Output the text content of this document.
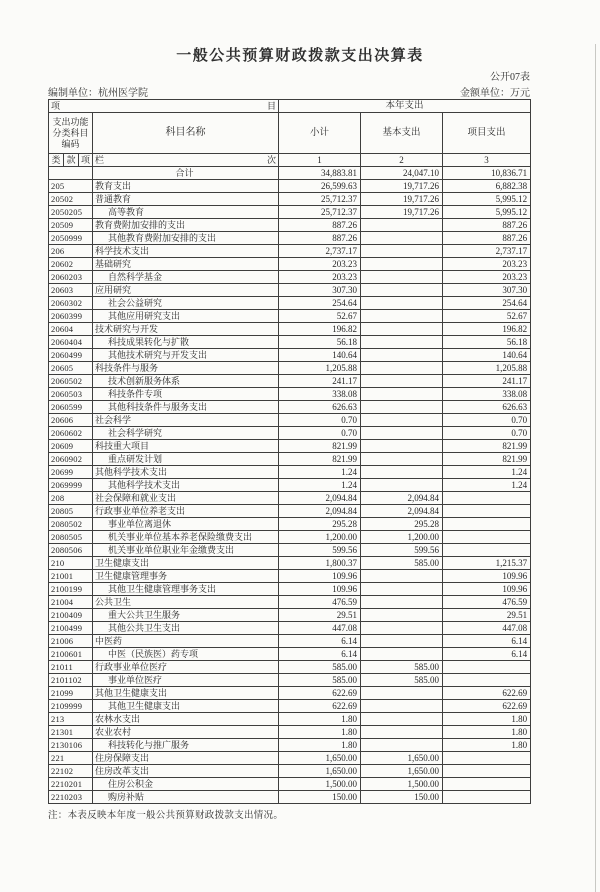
一般公共预算财政拨款支出决算表
公开07表
编制单位：杭州医学院	金额单位：万元
项 目				本年支出		

支出功能
分类科目
编码			科目名称	小计	基本支出	项目支出
类	款	项	栏 次	1	2	3
			合计	34,883.81	24,047.10	10,836.71
205			教育支出	26,599.63	19,717.26	6,882.38
20502			普通教育	25,712.37	19,717.26	5,995.12
2050205			高等教育	25,712.37	19,717.26	5,995.12
20509			教育费附加安排的支出	887.26		887.26
2050999			其他教育费附加安排的支出	887.26		887.26
206			科学技术支出	2,737.17		2,737.17
20602			基础研究	203.23		203.23
2060203			自然科学基金	203.23		203.23
20603			应用研究	307.30		307.30
2060302			社会公益研究	254.64		254.64
2060399			其他应用研究支出	52.67		52.67
20604			技术研究与开发	196.82		196.82
2060404			科技成果转化与扩散	56.18		56.18
2060499			其他技术研究与开发支出	140.64		140.64
20605			科技条件与服务	1,205.88		1,205.88
2060502			技术创新服务体系	241.17		241.17
2060503			科技条件专项	338.08		338.08
2060599			其他科技条件与服务支出	626.63		626.63
20606			社会科学	0.70		0.70
2060602			社会科学研究	0.70		0.70
20609			科技重大项目	821.99		821.99
2060902			重点研发计划	821.99		821.99
20699			其他科学技术支出	1.24		1.24
2069999			其他科学技术支出	1.24		1.24
208			社会保障和就业支出	2,094.84	2,094.84	
20805			行政事业单位养老支出	2,094.84	2,094.84	
2080502			事业单位离退休	295.28	295.28	
2080505			机关事业单位基本养老保险缴费支出	1,200.00	1,200.00	
2080506			机关事业单位职业年金缴费支出	599.56	599.56	
210			卫生健康支出	1,800.37	585.00	1,215.37
21001			卫生健康管理事务	109.96		109.96
2100199			其他卫生健康管理事务支出	109.96		109.96
21004			公共卫生	476.59		476.59
2100409			重大公共卫生服务	29.51		29.51
2100499			其他公共卫生支出	447.08		447.08
21006			中医药	6.14		6.14
2100601			中医（民族医）药专项	6.14		6.14
21011			行政事业单位医疗	585.00	585.00	
2101102			事业单位医疗	585.00	585.00	
21099			其他卫生健康支出	622.69		622.69
2109999			其他卫生健康支出	622.69		622.69
213			农林水支出	1.80		1.80
21301			农业农村	1.80		1.80
2130106			科技转化与推广服务	1.80		1.80
221			住房保障支出	1,650.00	1,650.00	
22102			住房改革支出	1,650.00	1,650.00	
2210201			住房公积金	1,500.00	1,500.00	
2210203			购房补贴	150.00	150.00	
注：本表反映本年度一般公共预算财政拨款支出情况。
